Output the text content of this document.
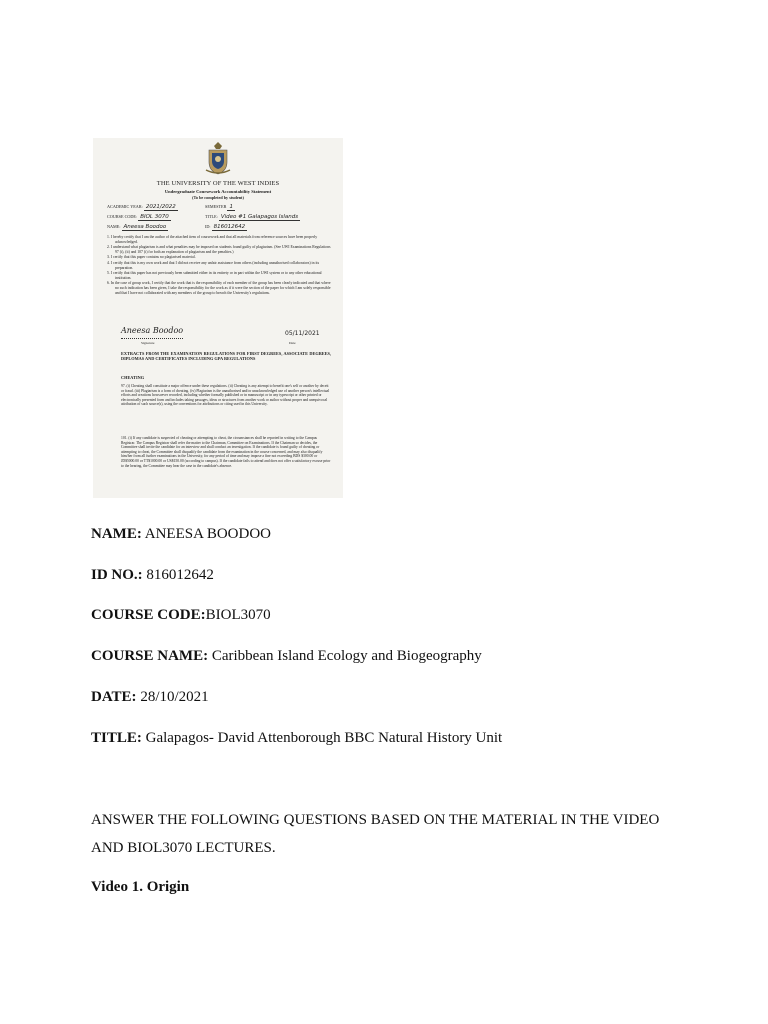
THE UNIVERSITY OF THE WEST INDIES
Undergraduate Coursework Accountability Statement
(To be completed by student)
ACADEMIC YEAR: 2021/2022	SEMESTER 1
COURSE CODE: BIOL 3070	TITLE: Video #1 Galapagos Islands
NAME: Aneesa Boodoo	ID: 816012642
1. I hereby certify that I am the author of the attached item of coursework and that all materials from reference sources have been properly acknowledged.
2. I understand what plagiarism is and what penalties may be imposed on students found guilty of plagiarism. (See UWI Examinations Regulations 97 (i), (ii) and 107 (i) for both an explanation of plagiarism and the penalties.)
3. I certify that this paper contains no plagiarised material.
4. I certify that this is my own work and that I did not receive any unfair assistance from others (including unauthorised collaborators) in its preparation.
5. I certify that this paper has not previously been submitted either in its entirety or in part within the UWI system or to any other educational institution.
6. In the case of group work, I certify that the work that is the responsibility of each member of the group has been clearly indicated and that where no such indication has been given, I take the responsibility for the work as if it were the section of the paper for which I am solely responsible and that I have not collaborated with any members of the group to breach the University's regulations.
Aneesa Boodoo
Signature
05/11/2021
Date
EXTRACTS FROM THE EXAMINATION REGULATIONS FOR FIRST DEGREES, ASSOCIATE DEGREES, DIPLOMAS AND CERTIFICATES INCLUDING GPA REGULATIONS
CHEATING
97. (i) Cheating shall constitute a major offence under these regulations. (ii) Cheating is any attempt to benefit one's self or another by deceit or fraud. (iii) Plagiarism is a form of cheating. (iv) Plagiarism is the unauthorised and/or unacknowledged use of another person's intellectual efforts and creations howsoever recorded, including whether formally published or in manuscript or in any typescript or other printed or electronically presented form and includes taking passages, ideas or structures from another work or author without proper and unequivocal attribution of such source(s), using the conventions for attributions or citing used in this University.
101. (i) If any candidate is suspected of cheating or attempting to cheat, the circumstances shall be reported in writing to the Campus Registrar. The Campus Registrar shall refer the matter to the Chairman, Committee on Examinations. If the Chairman so decides, the Committee shall invite the candidate for an interview and shall conduct an investigation. If the candidate is found guilty of cheating or attempting to cheat, the Committee shall disqualify the candidate from the examination in the course concerned, and may also disqualify him/her from all further examinations in the University, for any period of time and may impose a fine not exceeding BDS $300.00 or JD$5000.00 or TT$1000.00 or US$150.00 (according to campus). If the candidate fails to attend and does not offer a satisfactory excuse prior to the hearing, the Committee may hear the case in the candidate's absence.
NAME: ANEESA BOODOO
ID NO.: 816012642
COURSE CODE:BIOL3070
COURSE NAME: Caribbean Island Ecology and Biogeography
DATE: 28/10/2021
TITLE: Galapagos- David Attenborough BBC Natural History Unit
ANSWER THE FOLLOWING QUESTIONS BASED ON THE MATERIAL IN THE VIDEO AND BIOL3070 LECTURES.
Video 1. Origin
